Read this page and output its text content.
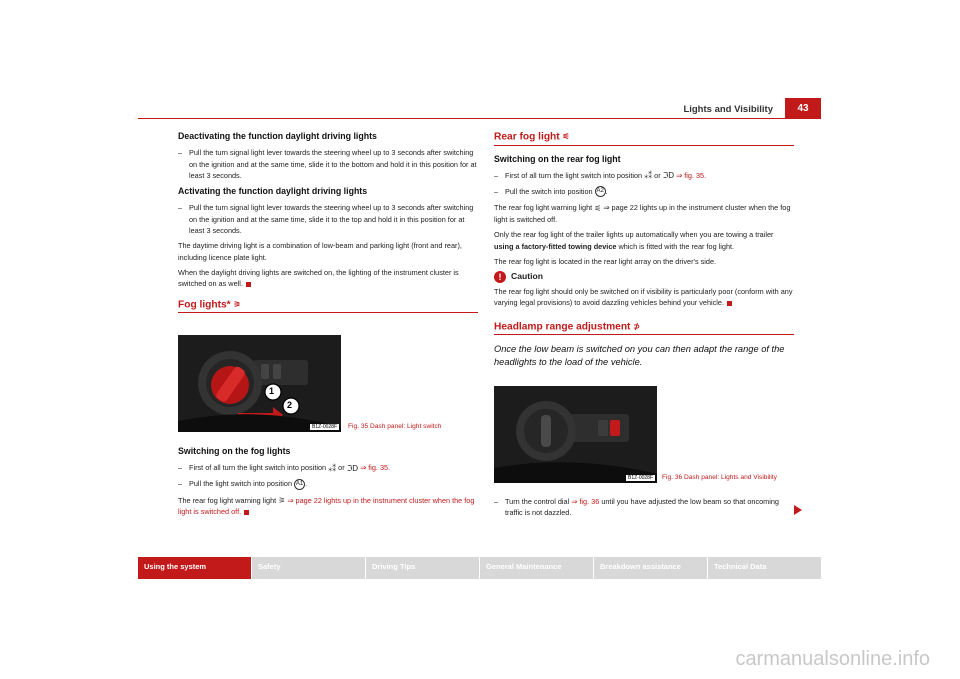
Lights and Visibility	43
Deactivating the function daylight driving lights
– Pull the turn signal light lever towards the steering wheel up to 3 seconds after switching on the ignition and at the same time, slide it to the bottom and hold it in this position for at least 3 seconds.
Activating the function daylight driving lights
– Pull the turn signal light lever towards the steering wheel up to 3 seconds after switching on the ignition and at the same time, slide it to the top and hold it in this position for at least 3 seconds.
The daytime driving light is a combination of low-beam and parking light (front and rear), including licence plate light.
When the daylight driving lights are switched on, the lighting of the instrument cluster is switched on as well.
Fog lights* ⚞
1
2
B1Z-0028F	Fig. 35 Dash panel: Light switch
Switching on the fog lights
– First of all turn the light switch into position ⁎⁑ or ℑD ⇒ fig. 35.
– Pull the light switch into position A1 .
The rear fog light warning light ⚞ ⇒ page 22 lights up in the instrument cluster when the fog light is switched off.
Rear fog light ⚟
Switching on the rear fog light
– First of all turn the light switch into position ⁎⁑ or ℑD ⇒ fig. 35.
– Pull the switch into position A2 .
The rear fog light warning light ⚟ ⇒ page 22 lights up in the instrument cluster when the fog light is switched off.
Only the rear fog light of the trailer lights up automatically when you are towing a trailer using a factory-fitted towing device which is fitted with the rear fog light.
The rear fog light is located in the rear light array on the driver's side.
!	Caution
The rear fog light should only be switched on if visibility is particularly poor (conform with any varying legal provisions) to avoid dazzling vehicles behind your vehicle.
Headlamp range adjustment ⊅
Once the low beam is switched on you can then adapt the range of the headlights to the load of the vehicle.
B1Z-0028F	Fig. 36 Dash panel: Lights and Visibility
– Turn the control dial ⇒ fig. 36 until you have adjusted the low beam so that oncoming traffic is not dazzled.
Using the system	Safety	Driving Tips	General Maintenance	Breakdown assistance	Technical Data
carmanualsonline.info
